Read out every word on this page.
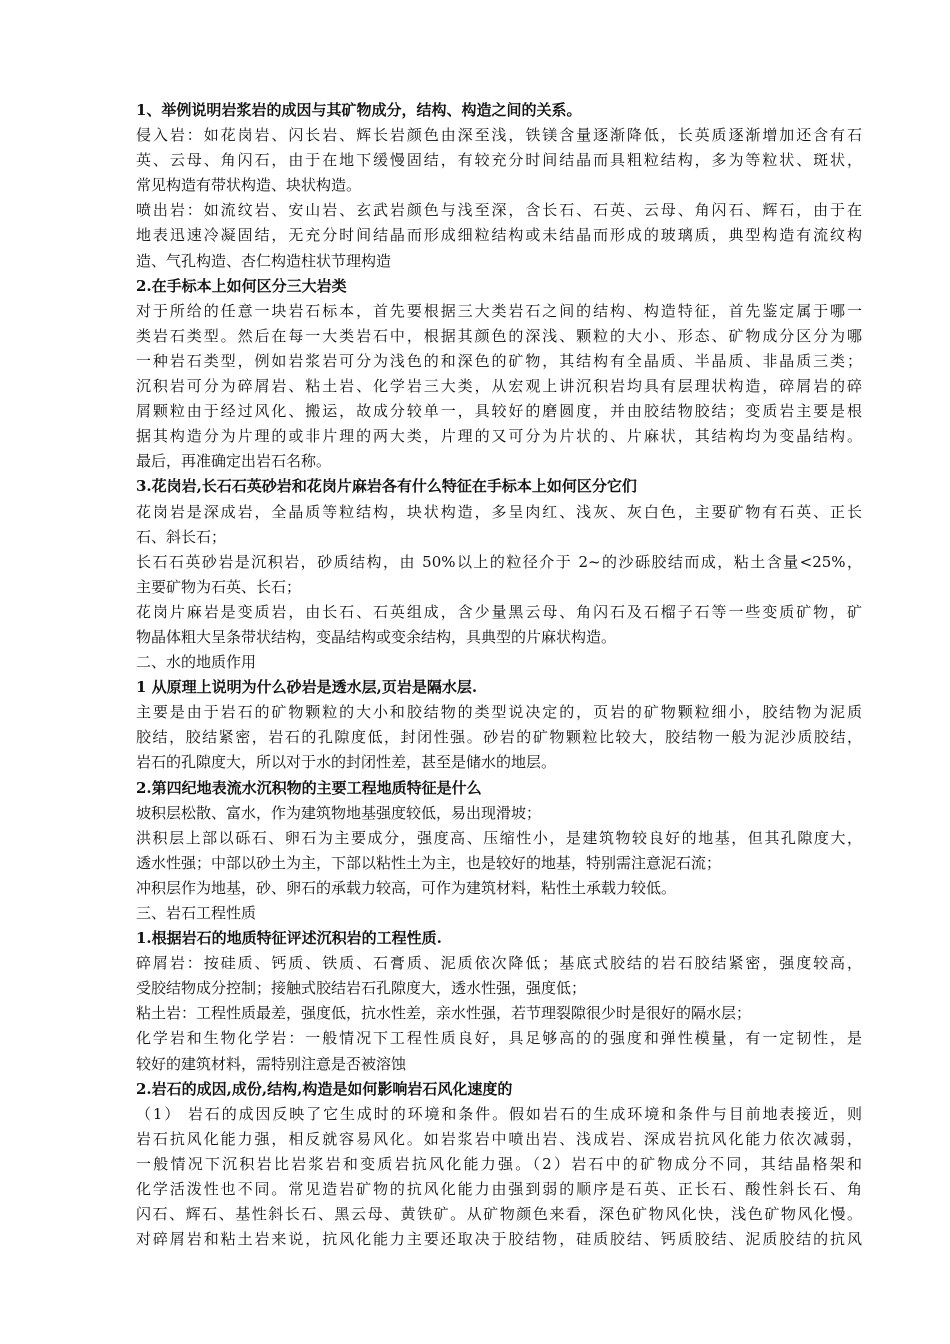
1、举例说明岩浆岩的成因与其矿物成分，结构、构造之间的关系。
侵入岩：如花岗岩、闪长岩、辉长岩颜色由深至浅，铁镁含量逐渐降低，长英质逐渐增加还含有石
英、云母、角闪石，由于在地下缓慢固结，有较充分时间结晶而具粗粒结构，多为等粒状、斑状，
常见构造有带状构造、块状构造。
喷出岩：如流纹岩、安山岩、玄武岩颜色与浅至深，含长石、石英、云母、角闪石、辉石，由于在
地表迅速冷凝固结，无充分时间结晶而形成细粒结构或未结晶而形成的玻璃质，典型构造有流纹构
造、气孔构造、杏仁构造柱状节理构造
2.在手标本上如何区分三大岩类
对于所给的任意一块岩石标本，首先要根据三大类岩石之间的结构、构造特征，首先鉴定属于哪一
类岩石类型。然后在每一大类岩石中，根据其颜色的深浅、颗粒的大小、形态、矿物成分区分为哪
一种岩石类型，例如岩浆岩可分为浅色的和深色的矿物，其结构有全晶质、半晶质、非晶质三类；
沉积岩可分为碎屑岩、粘土岩、化学岩三大类，从宏观上讲沉积岩均具有层理状构造，碎屑岩的碎
屑颗粒由于经过风化、搬运，故成分较单一，具较好的磨圆度，并由胶结物胶结；变质岩主要是根
据其构造分为片理的或非片理的两大类，片理的又可分为片状的、片麻状，其结构均为变晶结构。
最后，再准确定出岩石名称。
3.花岗岩,长石石英砂岩和花岗片麻岩各有什么特征在手标本上如何区分它们
花岗岩是深成岩，全晶质等粒结构，块状构造，多呈肉红、浅灰、灰白色，主要矿物有石英、正长
石、斜长石；
长石石英砂岩是沉积岩，砂质结构，由 50%以上的粒径介于 2~的沙砾胶结而成，粘土含量<25%，
主要矿物为石英、长石；
花岗片麻岩是变质岩，由长石、石英组成，含少量黑云母、角闪石及石榴子石等一些变质矿物，矿
物晶体粗大呈条带状结构，变晶结构或变余结构，具典型的片麻状构造。
二、水的地质作用
1 从原理上说明为什么砂岩是透水层,页岩是隔水层.
主要是由于岩石的矿物颗粒的大小和胶结物的类型说决定的，页岩的矿物颗粒细小，胶结物为泥质
胶结，胶结紧密，岩石的孔隙度低，封闭性强。砂岩的矿物颗粒比较大，胶结物一般为泥沙质胶结，
岩石的孔隙度大，所以对于水的封闭性差，甚至是储水的地层。
2.第四纪地表流水沉积物的主要工程地质特征是什么
坡积层松散、富水，作为建筑物地基强度较低，易出现滑坡；
洪积层上部以砾石、卵石为主要成分，强度高、压缩性小，是建筑物较良好的地基，但其孔隙度大，
透水性强；中部以砂土为主，下部以粘性土为主，也是较好的地基，特别需注意泥石流；
冲积层作为地基，砂、卵石的承载力较高，可作为建筑材料，粘性土承载力较低。
三、岩石工程性质
1.根据岩石的地质特征评述沉积岩的工程性质.
碎屑岩：按硅质、钙质、铁质、石膏质、泥质依次降低；基底式胶结的岩石胶结紧密，强度较高，
受胶结物成分控制；接触式胶结岩石孔隙度大，透水性强，强度低；
粘土岩：工程性质最差，强度低，抗水性差，亲水性强，若节理裂隙很少时是很好的隔水层；
化学岩和生物化学岩：一般情况下工程性质良好，具足够高的的强度和弹性模量，有一定韧性，是
较好的建筑材料，需特别注意是否被溶蚀
2.岩石的成因,成份,结构,构造是如何影响岩石风化速度的
（1） 岩石的成因反映了它生成时的环境和条件。假如岩石的生成环境和条件与目前地表接近，则
岩石抗风化能力强，相反就容易风化。如岩浆岩中喷出岩、浅成岩、深成岩抗风化能力依次减弱，
一般情况下沉积岩比岩浆岩和变质岩抗风化能力强。（2）岩石中的矿物成分不同，其结晶格架和
化学活泼性也不同。常见造岩矿物的抗风化能力由强到弱的顺序是石英、正长石、酸性斜长石、角
闪石、辉石、基性斜长石、黑云母、黄铁矿。从矿物颜色来看，深色矿物风化快，浅色矿物风化慢。
对碎屑岩和粘土岩来说，抗风化能力主要还取决于胶结物，硅质胶结、钙质胶结、泥质胶结的抗风
